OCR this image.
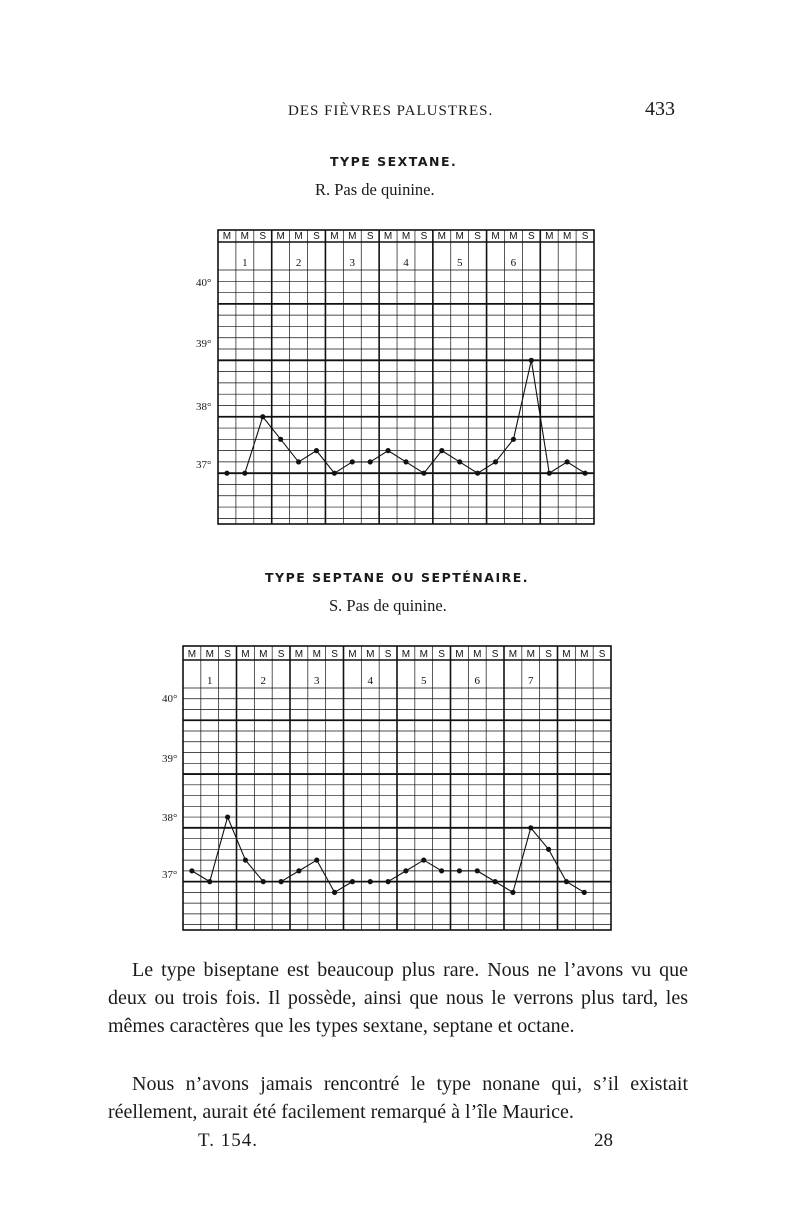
DES FIÈVRES PALUSTRES.	433
TYPE SEXTANE.
R. Pas de quinine.
40°
39°
38°
37°
M M S M M S M M S M M S M M S M M S M M S
1	2	3	4	5	6
TYPE SEPTANE OU SEPTÉNAIRE.
S. Pas de quinine.
40°
39°
38°
37°
M M S M M S M M S M M S M M S M M S M M S M M S
1	2	3	4	5	6	7

Le type biseptane est beaucoup plus rare. Nous ne l’avons vu que deux ou trois fois. Il possède, ainsi que nous le verrons plus tard, les mêmes caractères que les types sextane, septane et octane.

Nous n’avons jamais rencontré le type nonane qui, s’il existait réellement, aurait été facilement remarqué à l’île Maurice.

T. 154.	28
